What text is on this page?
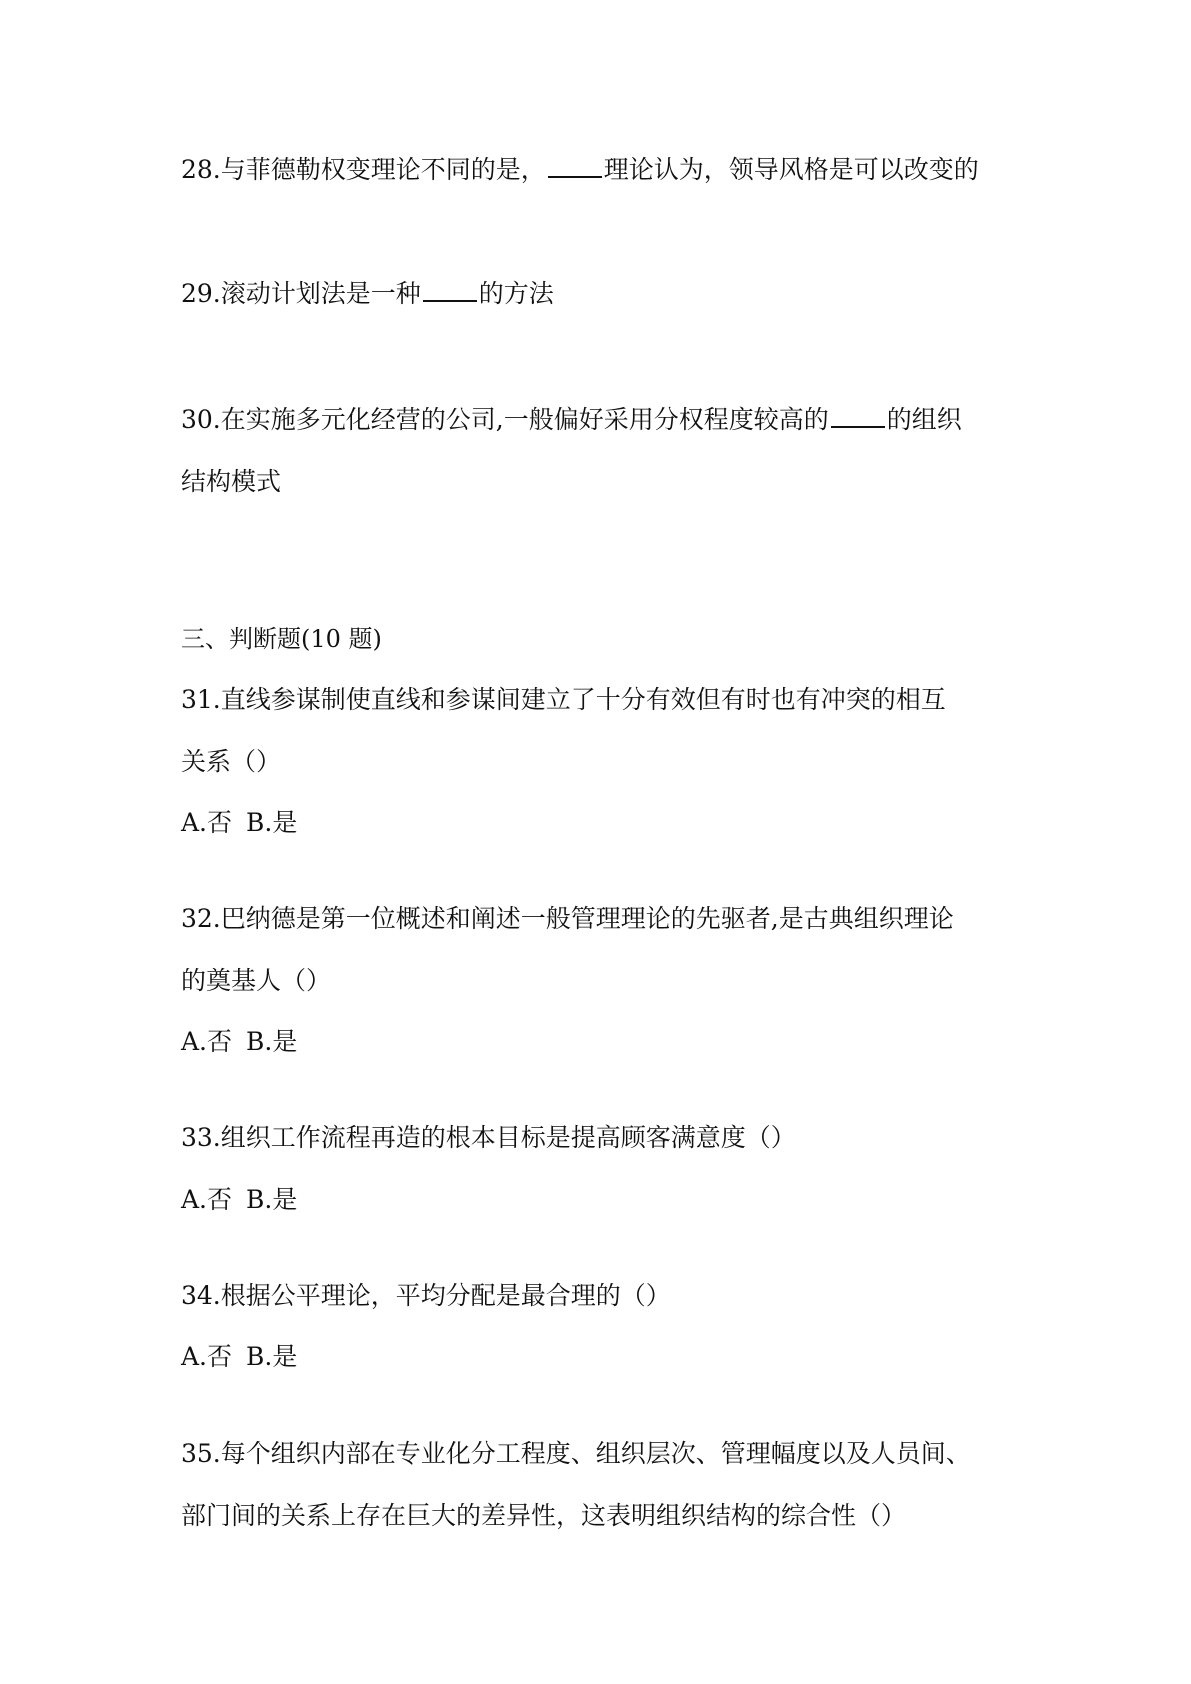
28.与菲德勒权变理论不同的是， 理论认为，领导风格是可以改变的

29.滚动计划法是一种 的方法

30.在实施多元化经营的公司,一般偏好采用分权程度较高的 的组织

结构模式

三、判断题(10 题)

31.直线参谋制使直线和参谋间建立了十分有效但有时也有冲突的相互

关系（）

A.否 B.是

32.巴纳德是第一位概述和阐述一般管理理论的先驱者,是古典组织理论

的奠基人（）

A.否 B.是

33.组织工作流程再造的根本目标是提高顾客满意度（）

A.否 B.是

34.根据公平理论，平均分配是最合理的（）

A.否 B.是

35.每个组织内部在专业化分工程度、组织层次、管理幅度以及人员间、

部门间的关系上存在巨大的差异性，这表明组织结构的综合性（）
